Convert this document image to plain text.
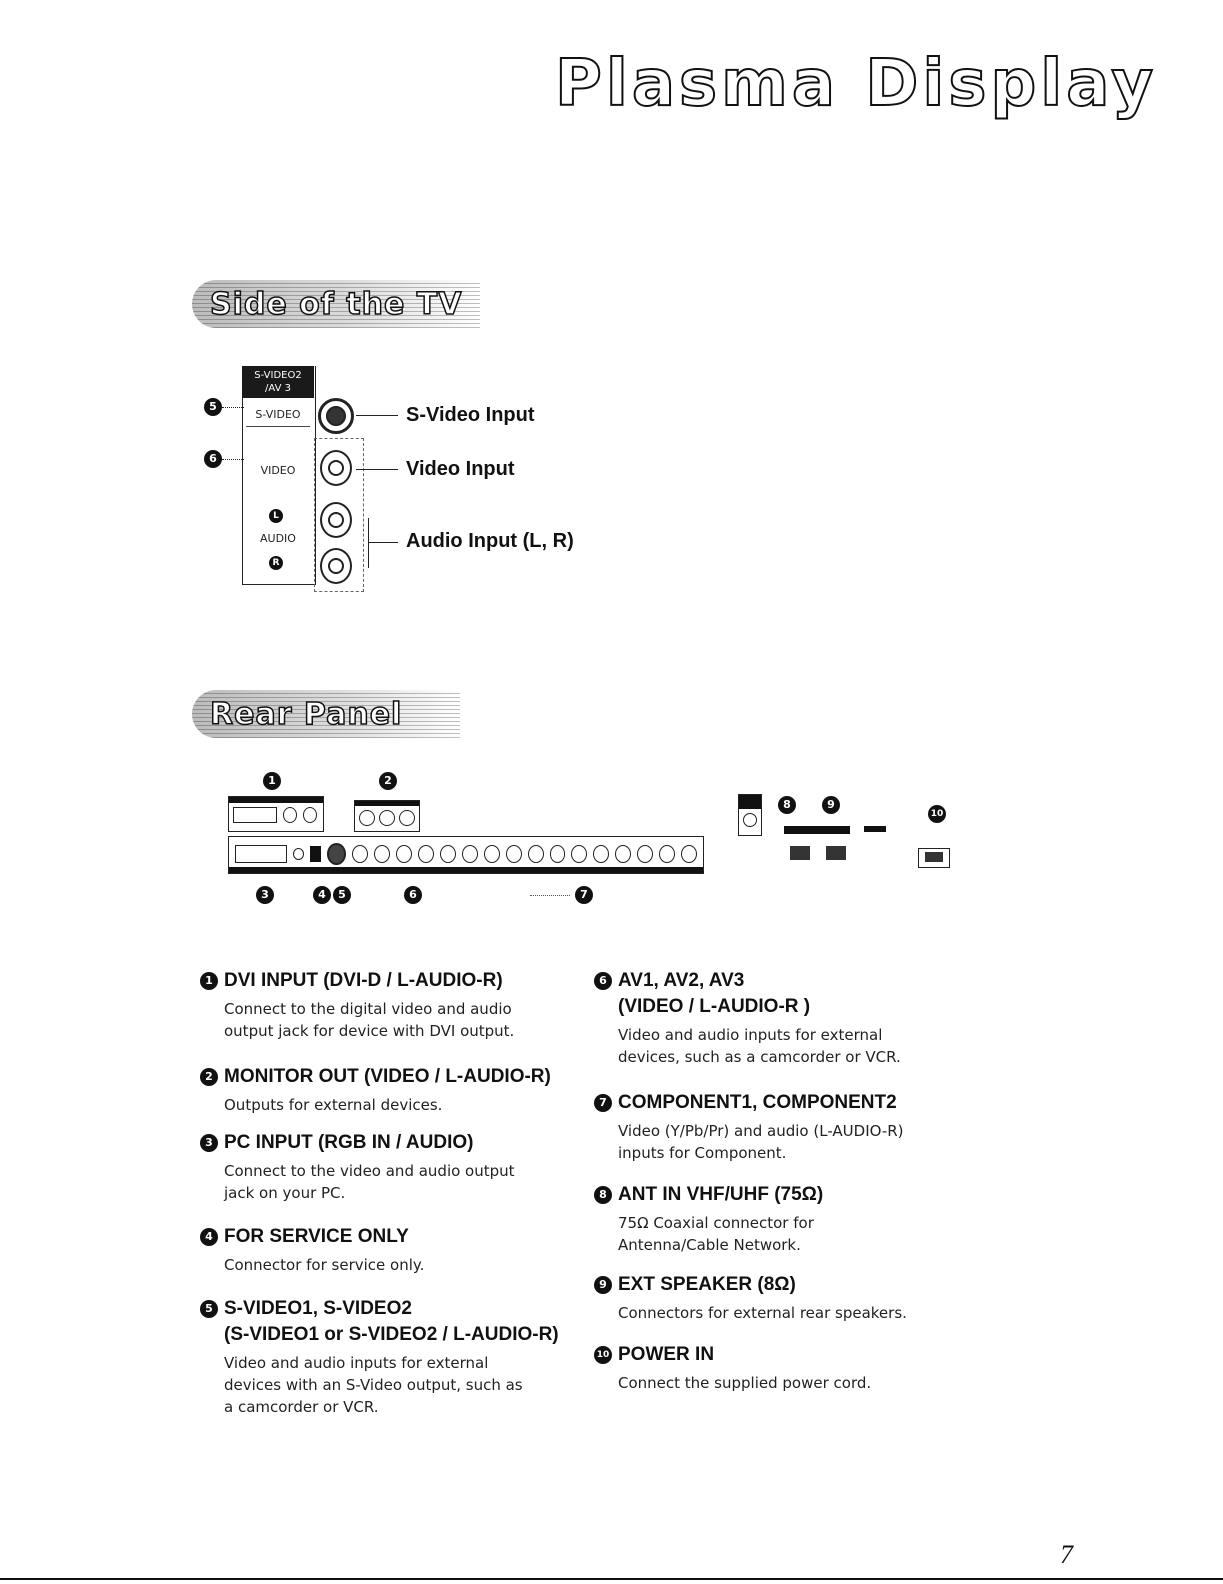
Plasma Display
Side of the TV
S-VIDEO2
/AV 3
S-VIDEO
VIDEO
L
AUDIO
R
5
6
S-Video Input
Video Input
Audio Input (L, R)
Rear Panel
1	2
3	4	5	6	7
8	9
10
1 DVI INPUT (DVI-D / L-AUDIO-R)
Connect to the digital video and audio
output jack for device with DVI output.
2 MONITOR OUT (VIDEO / L-AUDIO-R)
Outputs for external devices.
3 PC INPUT (RGB IN / AUDIO)
Connect to the video and audio output
jack on your PC.
4 FOR SERVICE ONLY
Connector for service only.
5 S-VIDEO1, S-VIDEO2
(S-VIDEO1 or S-VIDEO2 / L-AUDIO-R)
Video and audio inputs for external
devices with an S-Video output, such as
a camcorder or VCR.
6 AV1, AV2, AV3
(VIDEO / L-AUDIO-R )
Video and audio inputs for external
devices, such as a camcorder or VCR.
7 COMPONENT1, COMPONENT2
Video (Y/Pb/Pr) and audio (L-AUDIO-R)
inputs for Component.
8 ANT IN VHF/UHF (75Ω)
75Ω Coaxial connector for
Antenna/Cable Network.
9 EXT SPEAKER (8Ω)
Connectors for external rear speakers.
10 POWER IN
Connect the supplied power cord.
7
